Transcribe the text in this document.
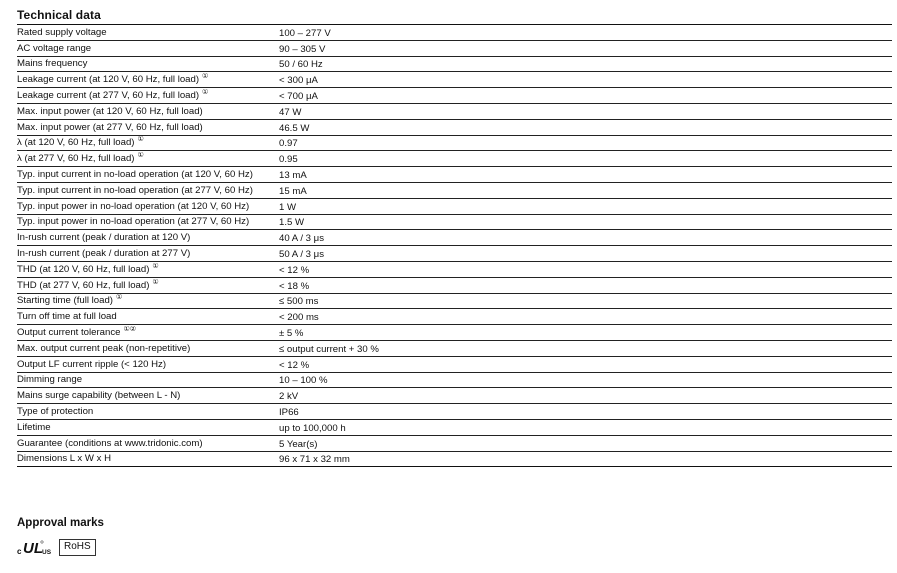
Technical data
Rated supply voltage	100 – 277 V
AC voltage range	90 – 305 V
Mains frequency	50 / 60 Hz
Leakage current (at 120 V, 60 Hz, full load) ①	< 300 μA
Leakage current (at 277 V, 60 Hz, full load) ①	< 700 μA
Max. input power (at 120 V, 60 Hz, full load)	47 W
Max. input power (at 277 V, 60 Hz, full load)	46.5 W
λ (at 120 V, 60 Hz, full load) ①	0.97
λ (at 277 V, 60 Hz, full load) ①	0.95
Typ. input current in no-load operation (at 120 V, 60 Hz)	13 mA
Typ. input current in no-load operation (at 277 V, 60 Hz)	15 mA
Typ. input power in no-load operation (at 120 V, 60 Hz)	1 W
Typ. input power in no-load operation (at 277 V, 60 Hz)	1.5 W
In-rush current (peak / duration at 120 V)	40 A / 3 μs
In-rush current (peak / duration at 277 V)	50 A / 3 μs
THD (at 120 V, 60 Hz, full load) ①	< 12 %
THD (at 277 V, 60 Hz, full load) ①	< 18 %
Starting time (full load) ①	≤ 500 ms
Turn off time at full load	< 200 ms
Output current tolerance ①②	± 5 %
Max. output current peak (non-repetitive)	≤ output current + 30 %
Output LF current ripple (< 120 Hz)	< 12 %
Dimming range	10 – 100 %
Mains surge capability (between L - N)	2 kV
Type of protection	IP66
Lifetime	up to 100,000 h
Guarantee (conditions at www.tridonic.com)	5 Year(s)
Dimensions L x W x H	96 x 71 x 32 mm
Approval marks
c UL US
RoHS
